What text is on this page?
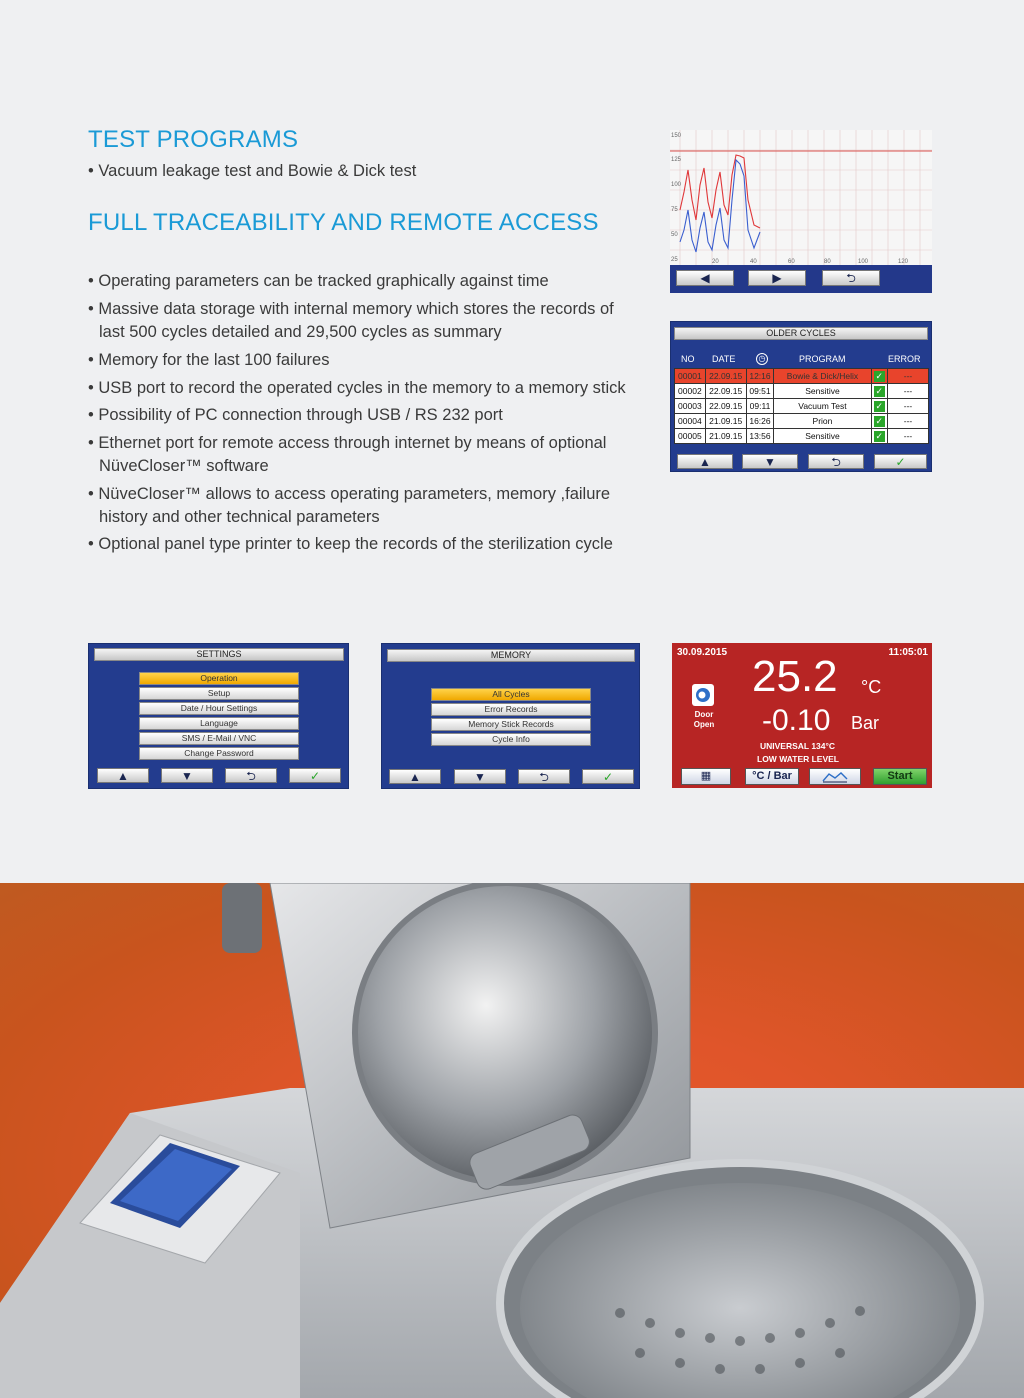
TEST PROGRAMS
• Vacuum leakage test and Bowie & Dick test
FULL TRACEABILITY AND REMOTE ACCESS
• Operating parameters can be tracked graphically against time
• Massive data storage with internal memory which stores the records of
last 500 cycles detailed and 29,500 cycles as summary
• Memory for the last 100 failures
• USB port to record the operated cycles in the memory to a memory stick
• Possibility of PC connection through USB / RS 232 port
• Ethernet port for remote access through internet by means of optional
NüveCloser™ software
• NüveCloser™ allows to access operating parameters, memory ,failure
history and other technical parameters
• Optional panel type printer to keep the records of the sterilization cycle
150
125
100
75
50
25	20	40	60	80	100	120
◀	▶	⮌
OLDER CYCLES
NO DATE	◷	PROGRAM	ERROR
00001	22.09.15	12:16	Bowie & Dick/Helix	✓	---
00002	22.09.15	09:51	Sensitive	✓	---
00003	22.09.15	09:11	Vacuum Test	✓	---
00004	21.09.15	16:26	Prion	✓	---
00005	21.09.15	13:56	Sensitive	✓	---
▲	▼	⮌	✓
SETTINGS
Operation
Setup
Date / Hour Settings
Language
SMS / E-Mail / VNC
Change Password
▲	▼	⮌	✓
MEMORY
All Cycles
Error Records
Memory Stick Records
Cycle Info
▲	▼	⮌	✓
30.09.2015	11:05:01
Door
Open
25.2 °C
-0.10 Bar
UNIVERSAL 134°C
LOW WATER LEVEL
▦	°C / Bar	Start
